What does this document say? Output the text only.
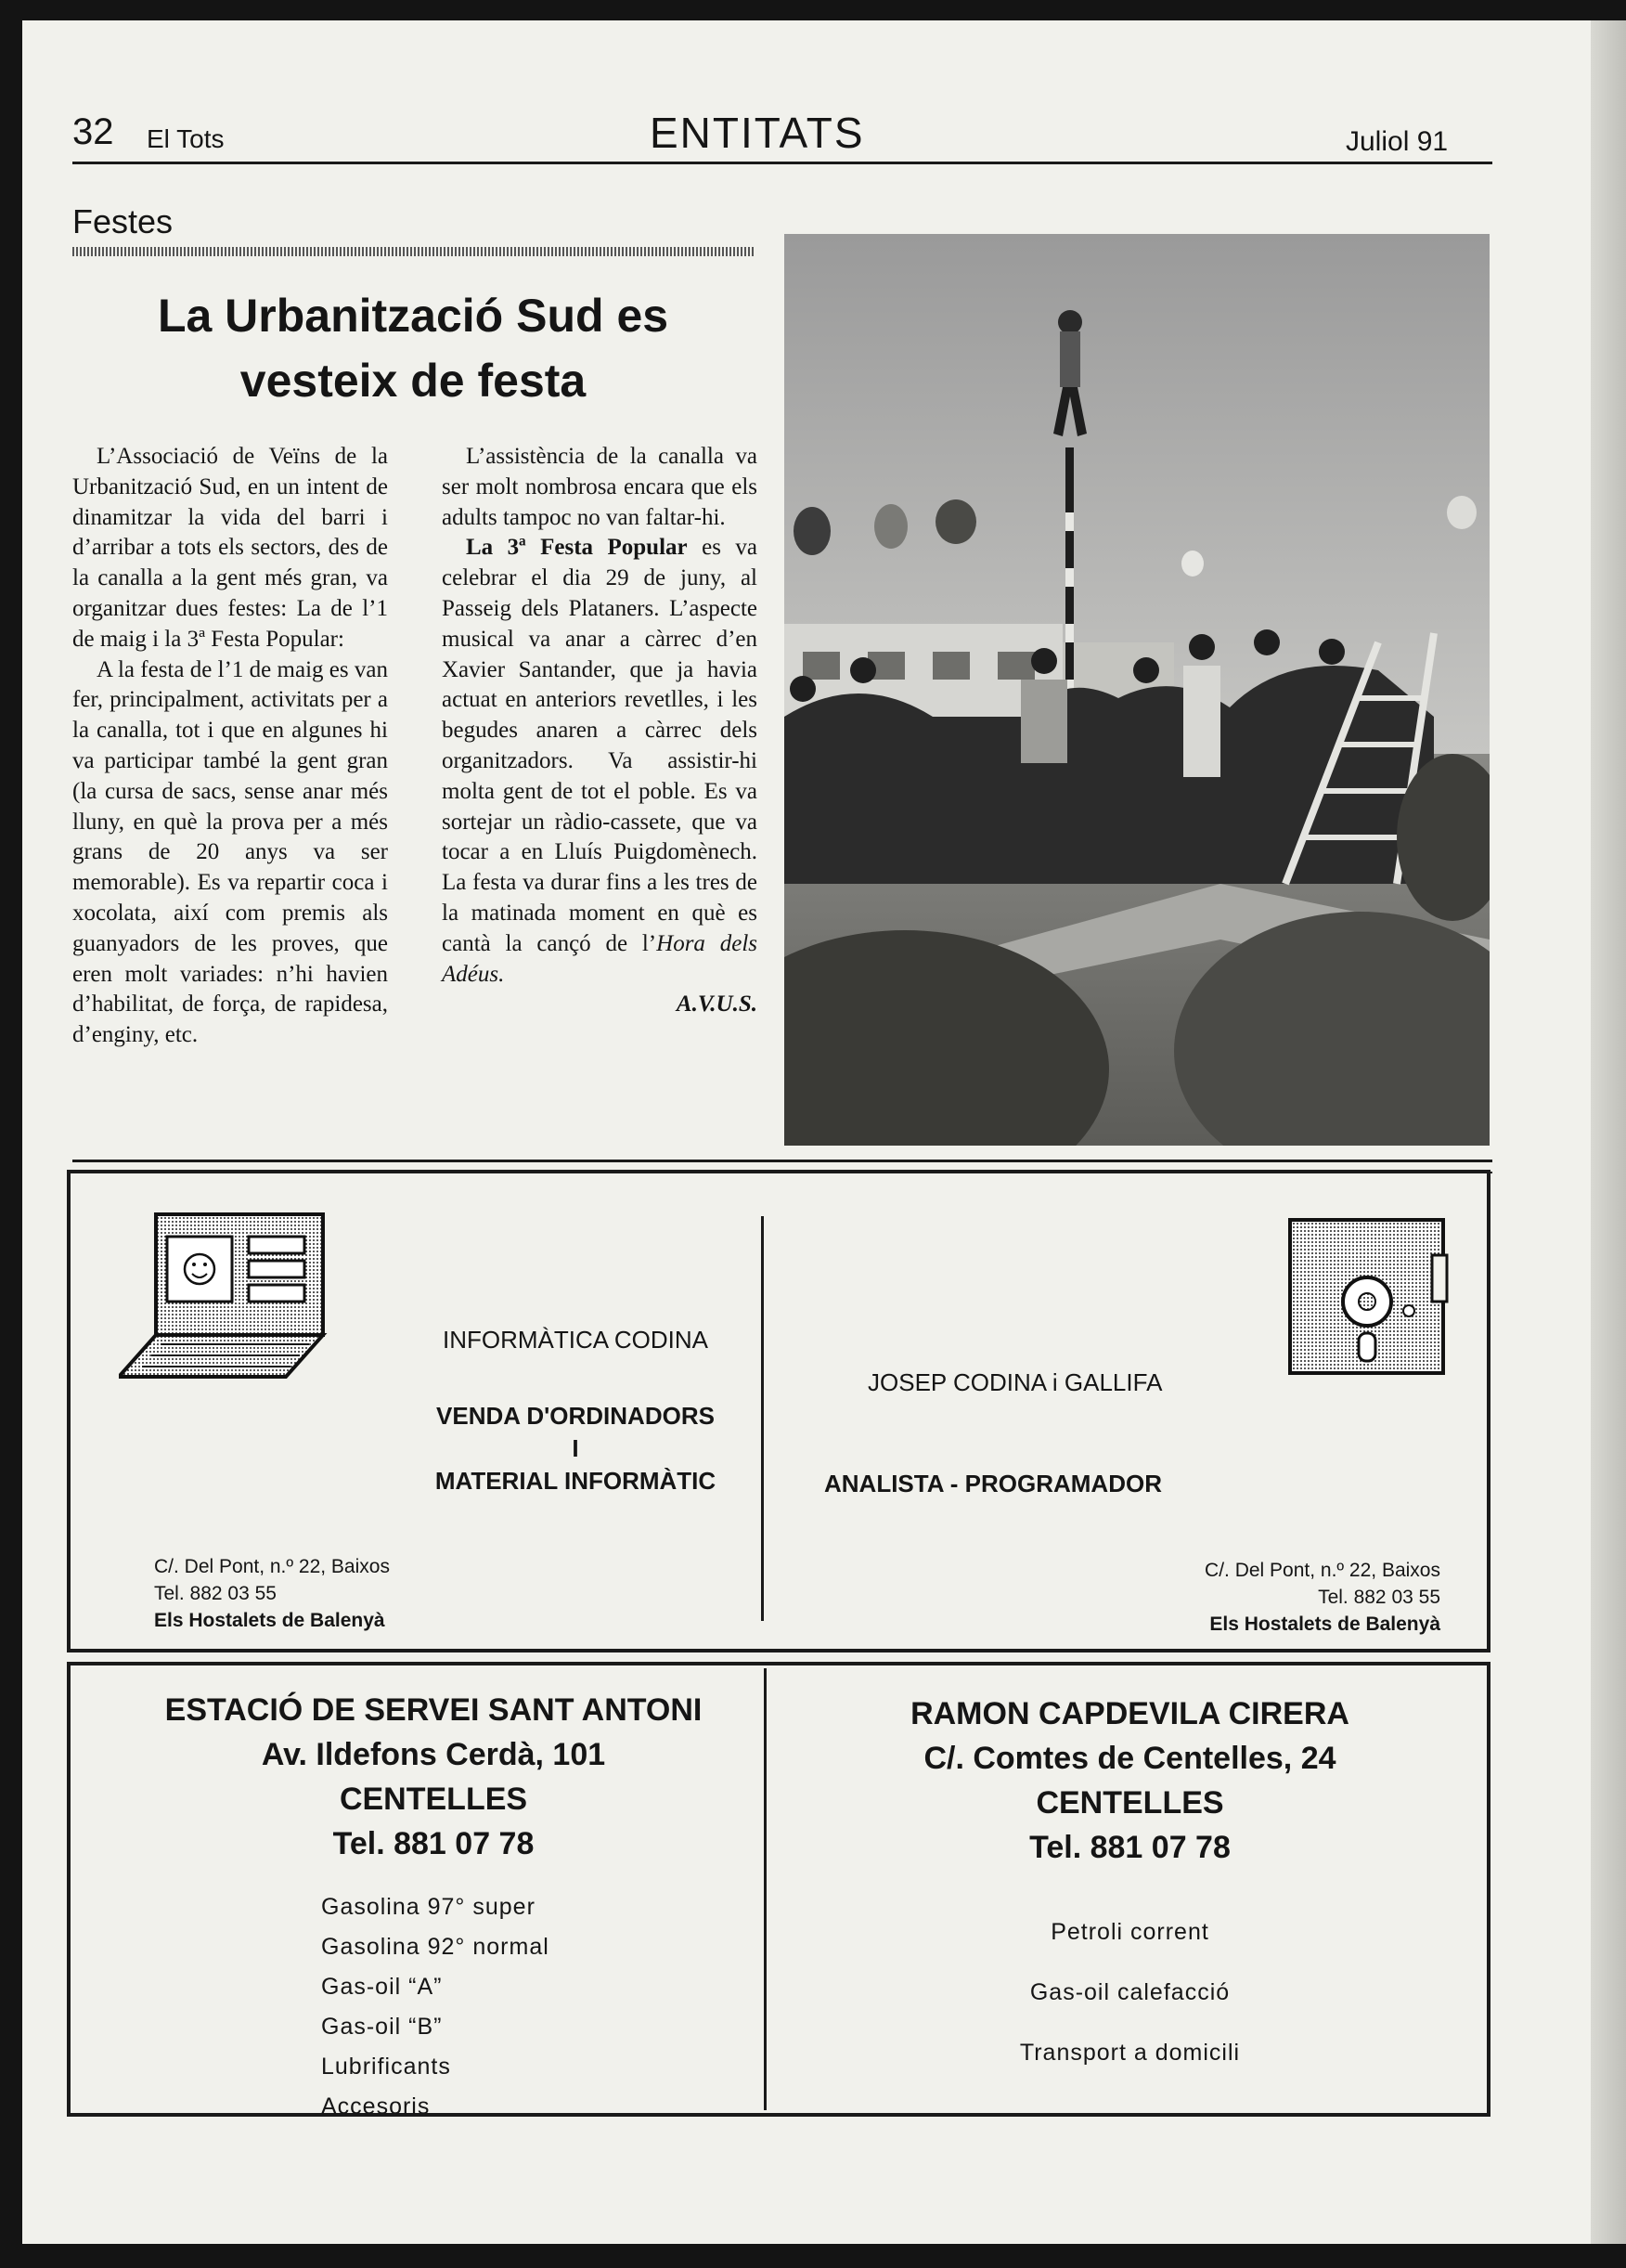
32 El Tots	ENTITATS	Juliol 91
Festes
La Urbanització Sud es
vesteix de festa

L’Associació de Veïns de la Urbanització Sud, en un intent de dinamitzar la vida del barri i d’arribar a tots els sectors, des de la canalla a la gent més gran, va organitzar dues festes: La de l’1 de maig i la 3ª Festa Popular:

A la festa de l’1 de maig es van fer, principalment, activitats per a la canalla, tot i que en algunes hi va participar també la gent gran (la cursa de sacs, sense anar més lluny, en què la prova per a més grans de 20 anys va ser memorable). Es va repartir coca i xocolata, així com premis als guanyadors de les proves, que eren molt variades: n’hi havien d’habilitat, de força, de rapidesa, d’enginy, etc.

L’assistència de la canalla va ser molt nombrosa encara que els adults tampoc no van faltar-hi.

La 3ª Festa Popular es va celebrar el dia 29 de juny, al Passeig dels Plataners. L’aspecte musical va anar a càrrec d’en Xavier Santander, que ja havia actuat en anteriors revetlles, i les begudes anaren a càrrec dels organitzadors. Va assistir-hi molta gent de tot el poble. Es va sortejar un ràdio-cassete, que va tocar a en Lluís Puigdomènech. La festa va durar fins a les tres de la matinada moment en què es cantà la cançó de l’Hora dels Adéus.

A.V.U.S.

INFORMÀTICA CODINA
VENDA D'ORDINADORS
I
MATERIAL INFORMÀTIC
C/. Del Pont, n.º 22, Baixos
Tel. 882 03 55
Els Hostalets de Balenyà
JOSEP CODINA i GALLIFA
ANALISTA - PROGRAMADOR
C/. Del Pont, n.º 22, Baixos
Tel. 882 03 55
Els Hostalets de Balenyà
ESTACIÓ DE SERVEI SANT ANTONI
Av. Ildefons Cerdà, 101
CENTELLES
Tel. 881 07 78
Gasolina 97° super
Gasolina 92° normal
Gas-oil “A”
Gas-oil “B”
Lubrificants
Accesoris
RAMON CAPDEVILA CIRERA
C/. Comtes de Centelles, 24
CENTELLES
Tel. 881 07 78
Petroli corrent
Gas-oil calefacció
Transport a domicili
